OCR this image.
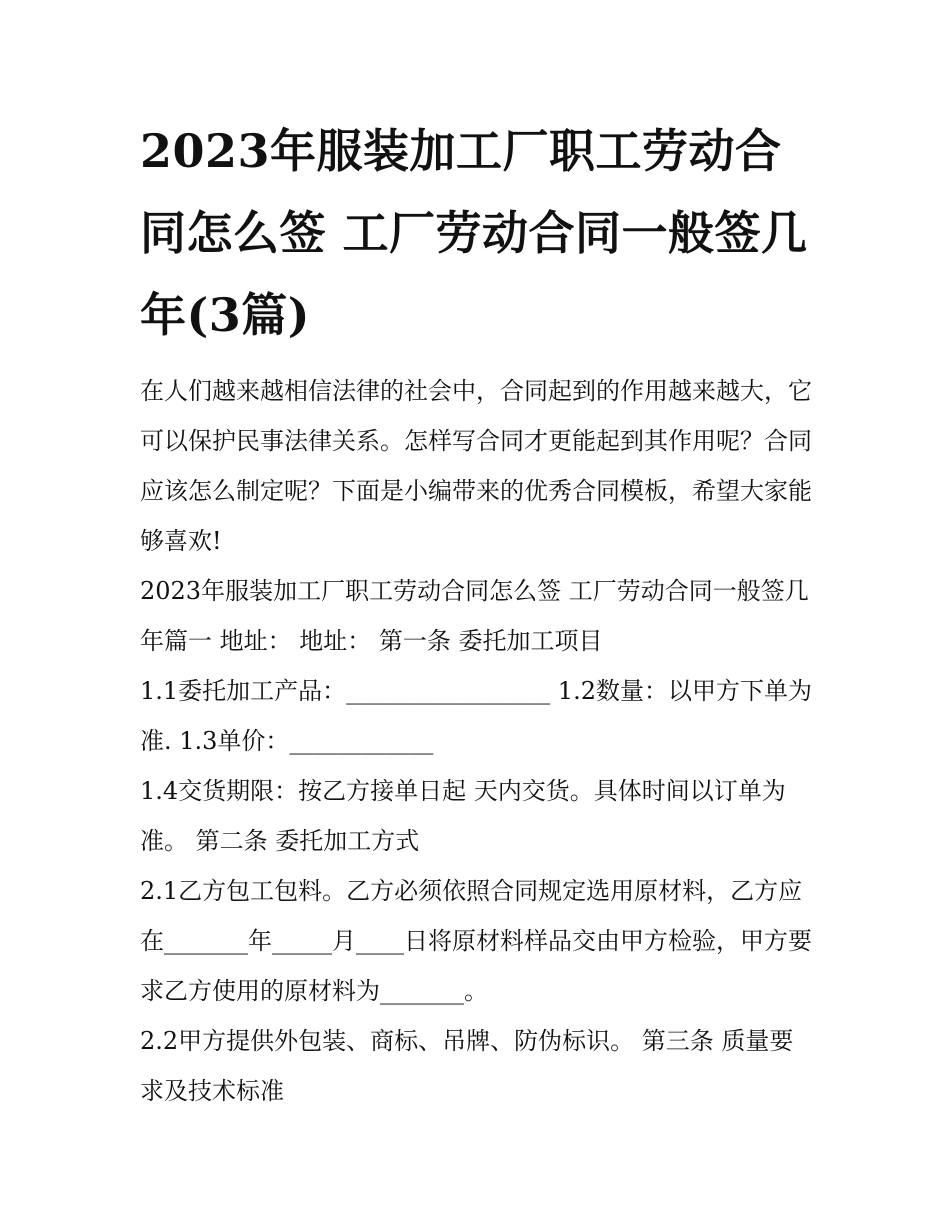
2023年服装加工厂职工劳动合同怎么签 工厂劳动合同一般签几年(3篇)

在人们越来越相信法律的社会中，合同起到的作用越来越大，它可以保护民事法律关系。怎样写合同才更能起到其作用呢？合同应该怎么制定呢？下面是小编带来的优秀合同模板，希望大家能够喜欢!

2023年服装加工厂职工劳动合同怎么签 工厂劳动合同一般签几年篇一 地址： 地址： 第一条 委托加工项目

1.1委托加工产品：_________________ 1.2数量：以甲方下单为准. 1.3单价：____________

1.4交货期限：按乙方接单日起 天内交货。具体时间以订单为准。 第二条 委托加工方式

2.1乙方包工包料。乙方必须依照合同规定选用原材料，乙方应在_______年_____月____日将原材料样品交由甲方检验，甲方要求乙方使用的原材料为_______。

2.2甲方提供外包装、商标、吊牌、防伪标识。 第三条 质量要求及技术标准
